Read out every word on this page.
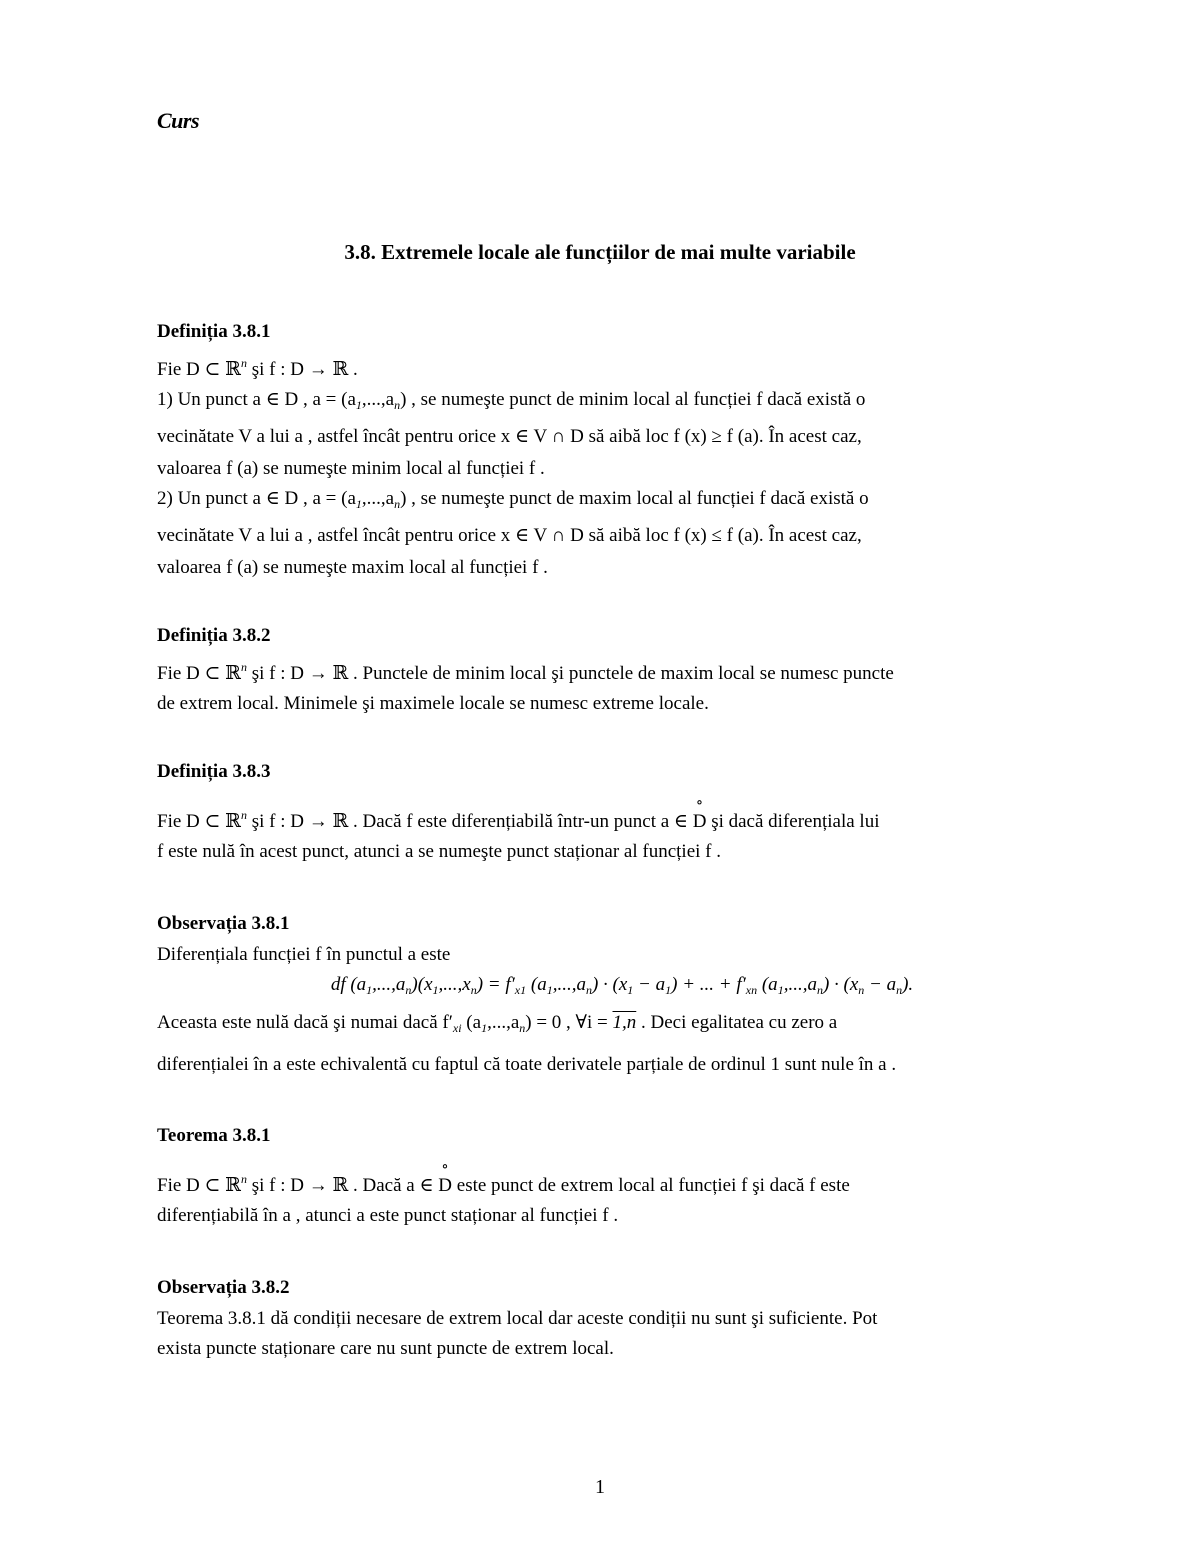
Curs
3.8. Extremele locale ale funcțiilor de mai multe variabile
Definiția 3.8.1
Fie D ⊂ ℝ$^n$ şi f : D → ℝ .
1) Un punct a ∈ D , $a = (a_1,...,a_n)$ , se numeşte punct de minim local al funcției f dacă există o
vecinătate V a lui a , astfel încât pentru orice x ∈ V ∩ D să aibă loc f (x) ≥ f (a). În acest caz,
valoarea f (a) se numeşte minim local al funcției f .
2) Un punct a ∈ D , $a = (a_1,...,a_n)$ , se numeşte punct de maxim local al funcției f dacă există o
vecinătate V a lui a , astfel încât pentru orice x ∈ V ∩ D să aibă loc f (x) ≤ f (a). În acest caz,
valoarea f (a) se numeşte maxim local al funcției f .
Definiția 3.8.2
Fie D ⊂ ℝ$^n$ şi f : D → ℝ . Punctele de minim local şi punctele de maxim local se numesc puncte
de extrem local. Minimele şi maximele locale se numesc extreme locale.
Definiția 3.8.3
Fie D ⊂ ℝ$^n$ şi f : D → ℝ . Dacă f este diferențiabilă într-un punct a ∈ ∘ D şi dacă diferențiala lui
f este nulă în acest punct, atunci a se numeşte punct staționar al funcției f .
Observația 3.8.1
Diferențiala funcției f în punctul a este
df $(a_1,...,a_n)(x_1,...,x_n) = f'_{x1}$ $(a_1,...,a_n) \cdot (x_1 - a_1)$ + ... + $f'_{xn}$ $(a_1,...,a_n) \cdot (x_n - a_n)$.
Aceasta este nulă dacă şi numai dacă $f'_{xi}$ $(a_1,...,a_n) = 0$ , ∀i = 1,n . Deci egalitatea cu zero a
diferențialei în a este echivalentă cu faptul că toate derivatele parțiale de ordinul 1 sunt nule în a .
Teorema 3.8.1
Fie D ⊂ ℝ$^n$ şi f : D → ℝ . Dacă a ∈ ∘ D este punct de extrem local al funcției f şi dacă f este
diferențiabilă în a , atunci a este punct staționar al funcției f .
Observația 3.8.2
Teorema 3.8.1 dă condiții necesare de extrem local dar aceste condiții nu sunt şi suficiente. Pot
exista puncte staționare care nu sunt puncte de extrem local.
1
